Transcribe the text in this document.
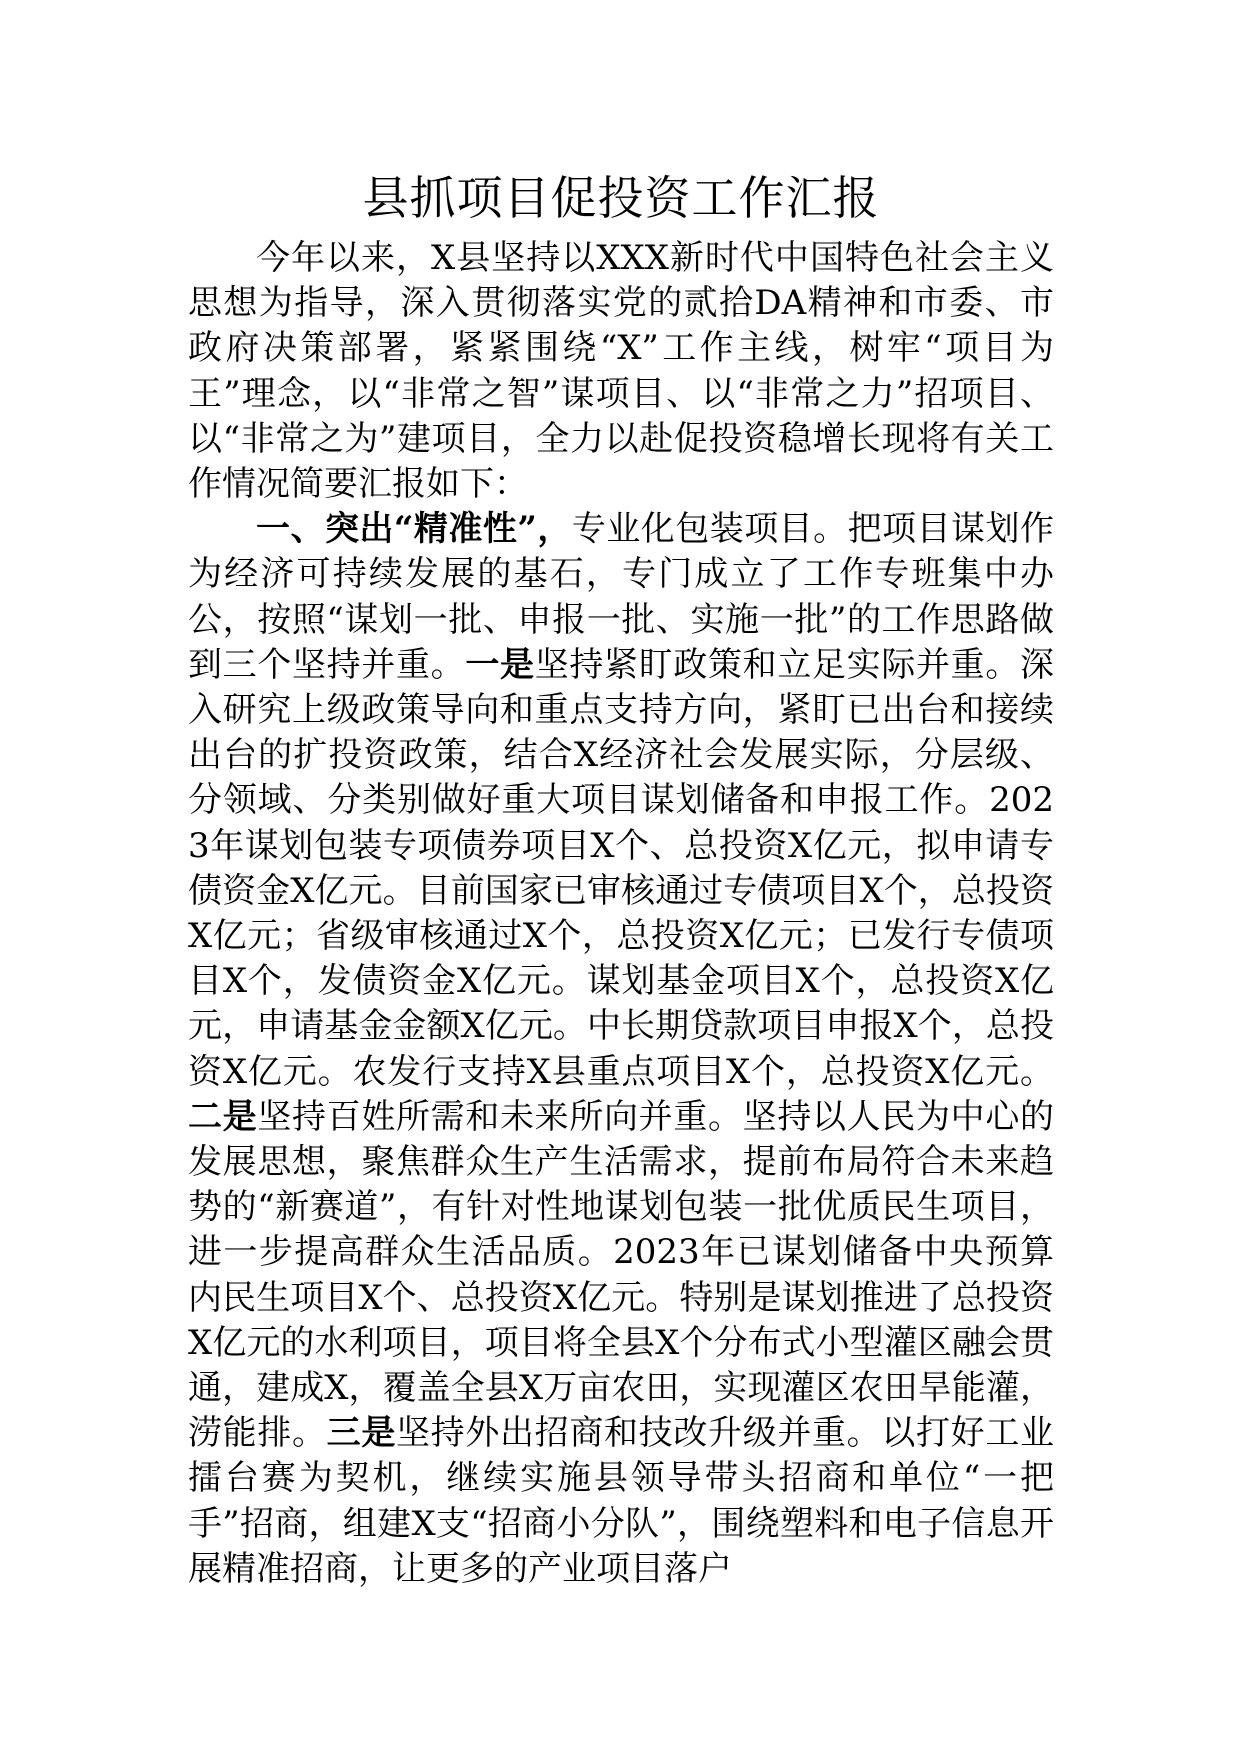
县抓项目促投资工作汇报

今年以来，X县坚持以XXX新时代中国特色社会主义思想为指导，深入贯彻落实党的贰拾DA精神和市委、市政府决策部署，紧紧围绕“X”工作主线，树牢“项目为王”理念，以“非常之智”谋项目、以“非常之力”招项目、以“非常之为”建项目，全力以赴促投资稳增长现将有关工作情况简要汇报如下：

一、突出“精准性”，专业化包装项目。把项目谋划作为经济可持续发展的基石，专门成立了工作专班集中办公，按照“谋划一批、申报一批、实施一批”的工作思路做到三个坚持并重。一是坚持紧盯政策和立足实际并重。深入研究上级政策导向和重点支持方向，紧盯已出台和接续出台的扩投资政策，结合X经济社会发展实际，分层级、分领域、分类别做好重大项目谋划储备和申报工作。2023年谋划包装专项债券项目X个、总投资X亿元，拟申请专债资金X亿元。目前国家已审核通过专债项目X个，总投资X亿元；省级审核通过X个，总投资X亿元；已发行专债项目X个，发债资金X亿元。谋划基金项目X个，总投资X亿元，申请基金金额X亿元。中长期贷款项目申报X个，总投资X亿元。农发行支持X县重点项目X个，总投资X亿元。二是坚持百姓所需和未来所向并重。坚持以人民为中心的发展思想，聚焦群众生产生活需求，提前布局符合未来趋势的“新赛道”，有针对性地谋划包装一批优质民生项目，进一步提高群众生活品质。2023年已谋划储备中央预算内民生项目X个、总投资X亿元。特别是谋划推进了总投资X亿元的水利项目，项目将全县X个分布式小型灌区融会贯通，建成X，覆盖全县X万亩农田，实现灌区农田旱能灌，涝能排。三是坚持外出招商和技改升级并重。以打好工业擂台赛为契机，继续实施县领导带头招商和单位“一把手”招商，组建X支“招商小分队”，围绕塑料和电子信息开展精准招商，让更多的产业项目落户
